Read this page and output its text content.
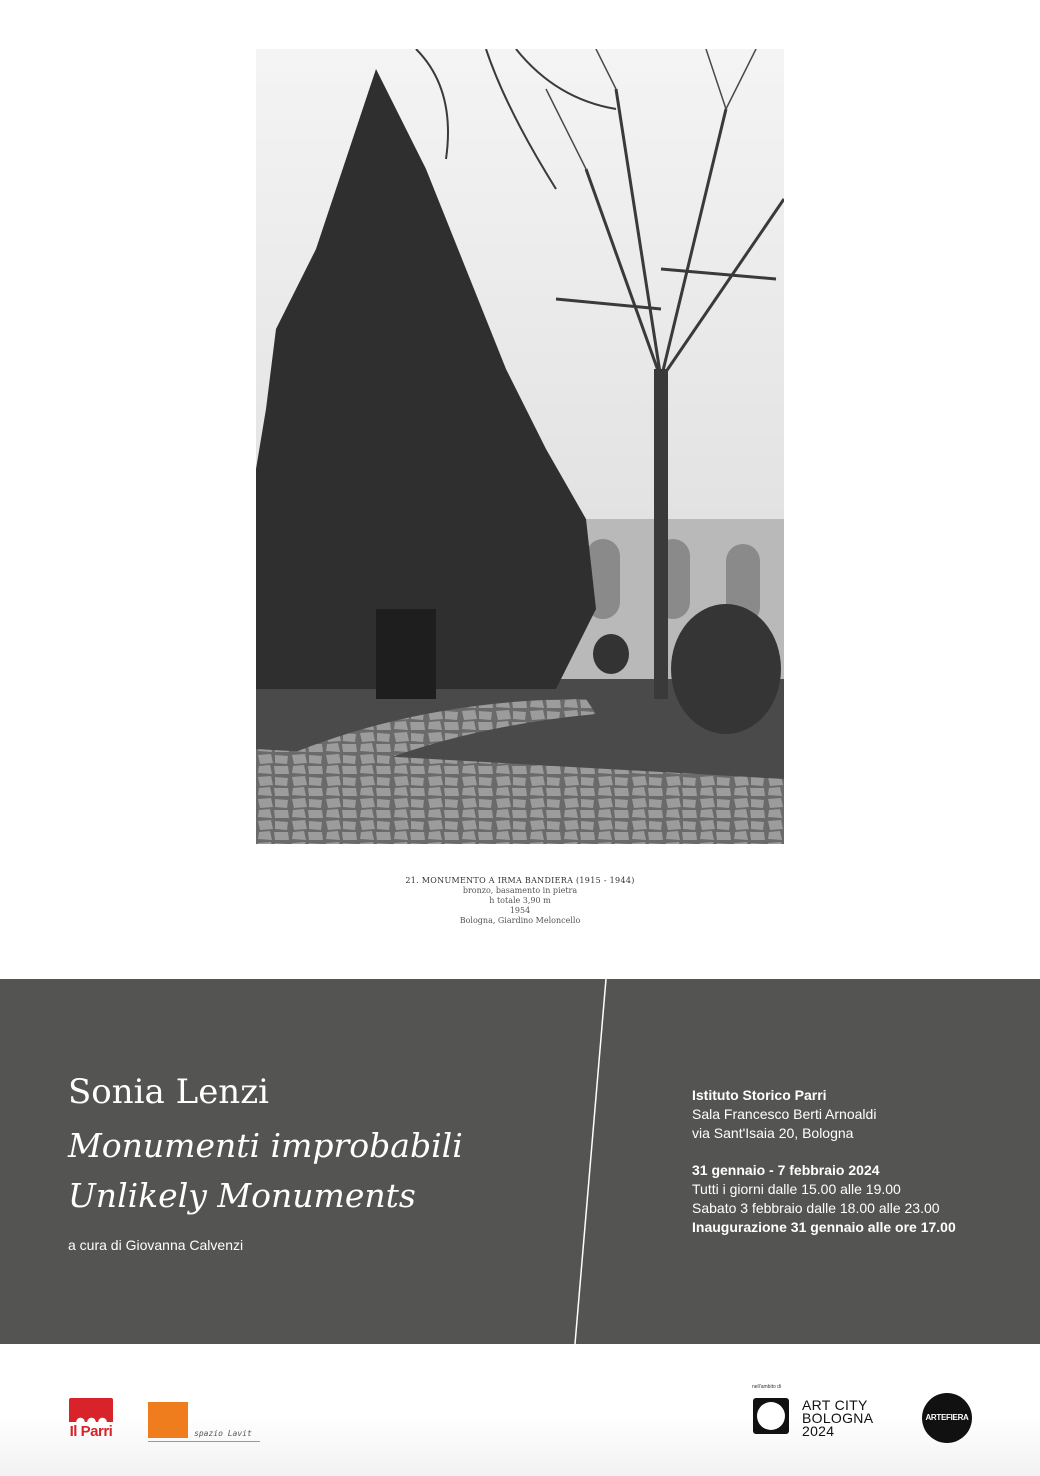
21. MONUMENTO A IRMA BANDIERA (1915 - 1944)
bronzo, basamento in pietra
h totale 3,90 m
1954
Bologna, Giardino Meloncello
Sonia Lenzi
Monumenti improbabili
Unlikely Monuments
a cura di Giovanna Calvenzi
Istituto Storico Parri
Sala Francesco Berti Arnoaldi
via Sant'Isaia 20, Bologna
31 gennaio - 7 febbraio 2024
Tutti i giorni dalle 15.00 alle 19.00
Sabato 3 febbraio dalle 18.00 alle 23.00
Inaugurazione 31 gennaio alle ore 17.00
Il Parri	spazio Lavit
nell'ambito di
ART CITY
BOLOGNA
2024
ARTEFIERA
